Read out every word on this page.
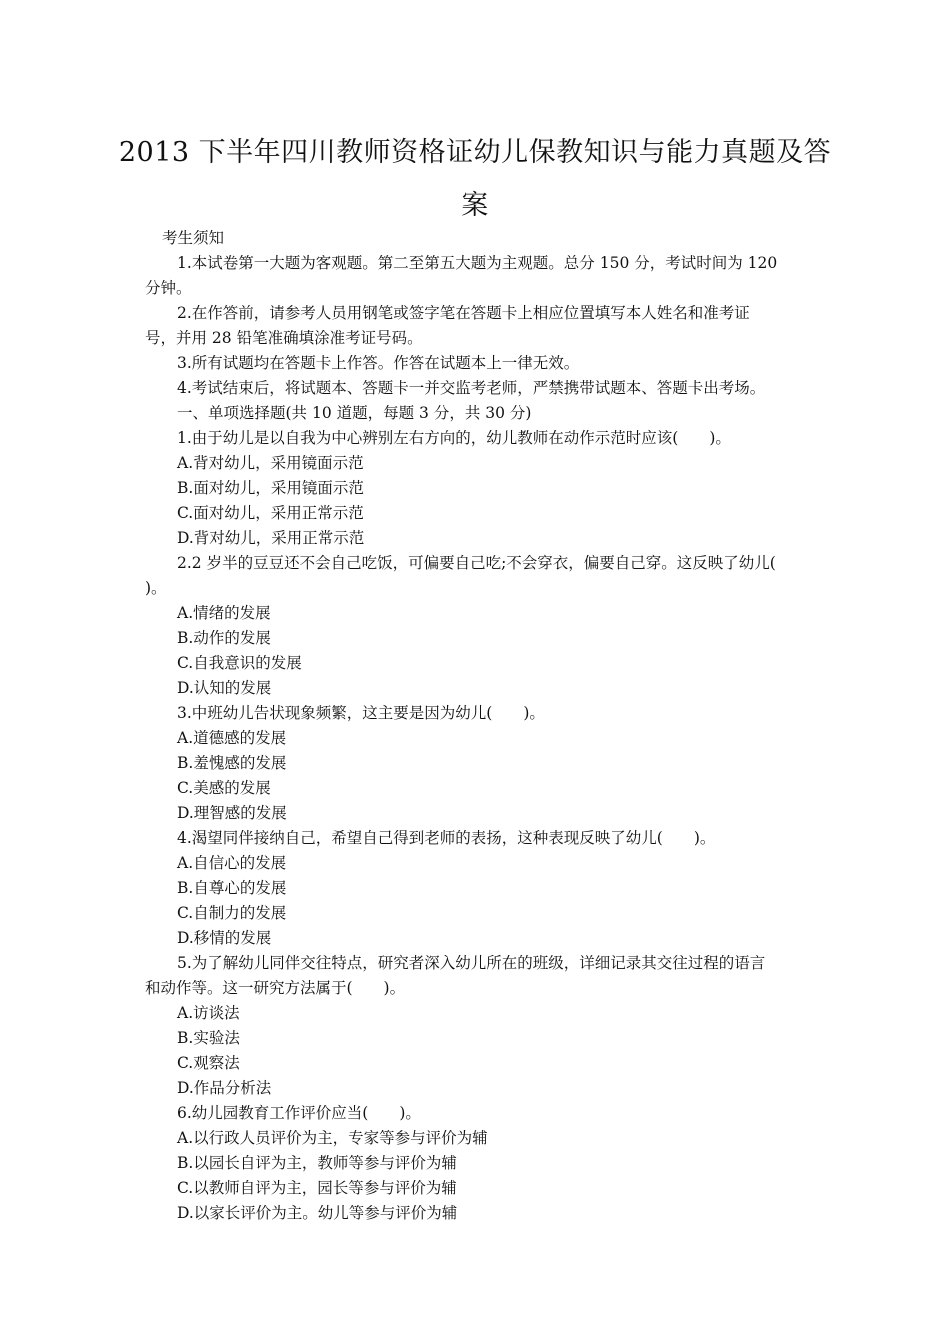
2013 下半年四川教师资格证幼儿保教知识与能力真题及答
案
考生须知
1.本试卷第一大题为客观题。第二至第五大题为主观题。总分 150 分，考试时间为 120
分钟。
2.在作答前，请参考人员用钢笔或签字笔在答题卡上相应位置填写本人姓名和准考证
号，并用 28 铅笔准确填涂准考证号码。
3.所有试题均在答题卡上作答。作答在试题本上一律无效。
4.考试结束后，将试题本、答题卡一并交监考老师，严禁携带试题本、答题卡出考场。
一、单项选择题(共 10 道题，每题 3 分，共 30 分)
1.由于幼儿是以自我为中心辨别左右方向的，幼儿教师在动作示范时应该(　　)。
A.背对幼儿，采用镜面示范
B.面对幼儿，采用镜面示范
C.面对幼儿，采用正常示范
D.背对幼儿，采用正常示范
2.2 岁半的豆豆还不会自己吃饭，可偏要自己吃;不会穿衣，偏要自己穿。这反映了幼儿(
)。
A.情绪的发展
B.动作的发展
C.自我意识的发展
D.认知的发展
3.中班幼儿告状现象频繁，这主要是因为幼儿(　　)。
A.道德感的发展
B.羞愧感的发展
C.美感的发展
D.理智感的发展
4.渴望同伴接纳自己，希望自己得到老师的表扬，这种表现反映了幼儿(　　)。
A.自信心的发展
B.自尊心的发展
C.自制力的发展
D.移情的发展
5.为了解幼儿同伴交往特点，研究者深入幼儿所在的班级，详细记录其交往过程的语言
和动作等。这一研究方法属于(　　)。
A.访谈法
B.实验法
C.观察法
D.作品分析法
6.幼儿园教育工作评价应当(　　)。
A.以行政人员评价为主，专家等参与评价为辅
B.以园长自评为主，教师等参与评价为辅
C.以教师自评为主，园长等参与评价为辅
D.以家长评价为主。幼儿等参与评价为辅
